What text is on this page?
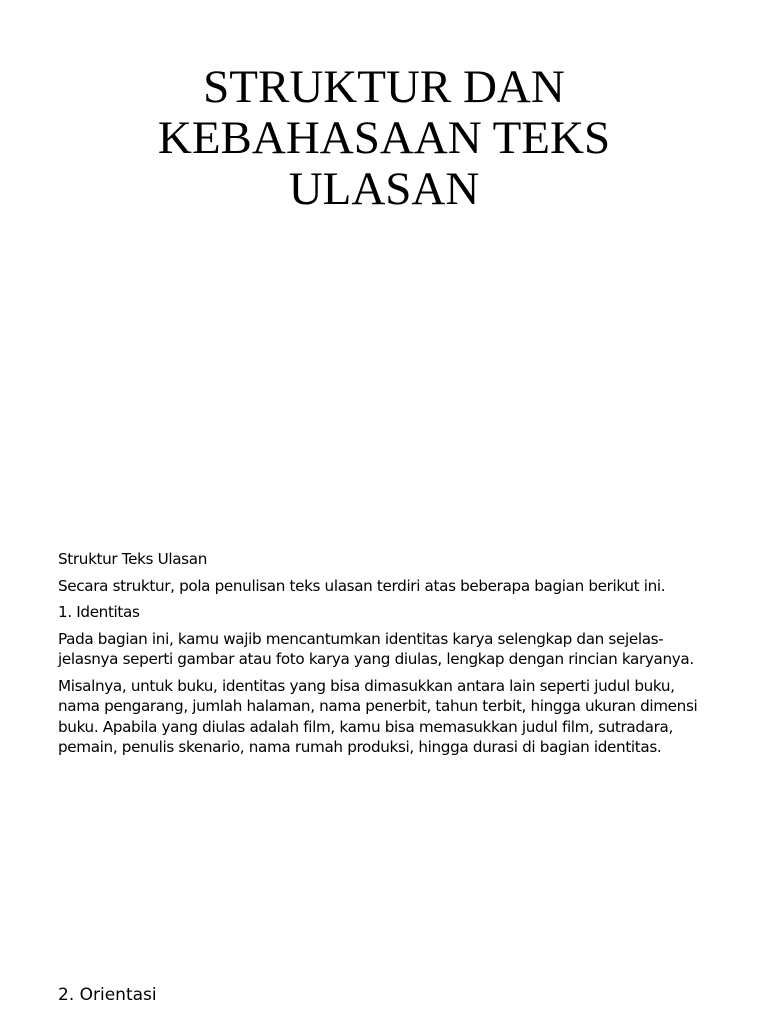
STRUKTUR DAN
KEBAHASAAN TEKS
ULASAN

Struktur Teks Ulasan

Secara struktur, pola penulisan teks ulasan terdiri atas beberapa bagian berikut ini.

1. Identitas

Pada bagian ini, kamu wajib mencantumkan identitas karya selengkap dan sejelas-jelasnya seperti gambar atau foto karya yang diulas, lengkap dengan rincian karyanya.

Misalnya, untuk buku, identitas yang bisa dimasukkan antara lain seperti judul buku, nama pengarang, jumlah halaman, nama penerbit, tahun terbit, hingga ukuran dimensi buku. Apabila yang diulas adalah film, kamu bisa memasukkan judul film, sutradara, pemain, penulis skenario, nama rumah produksi, hingga durasi di bagian identitas.

2. Orientasi
